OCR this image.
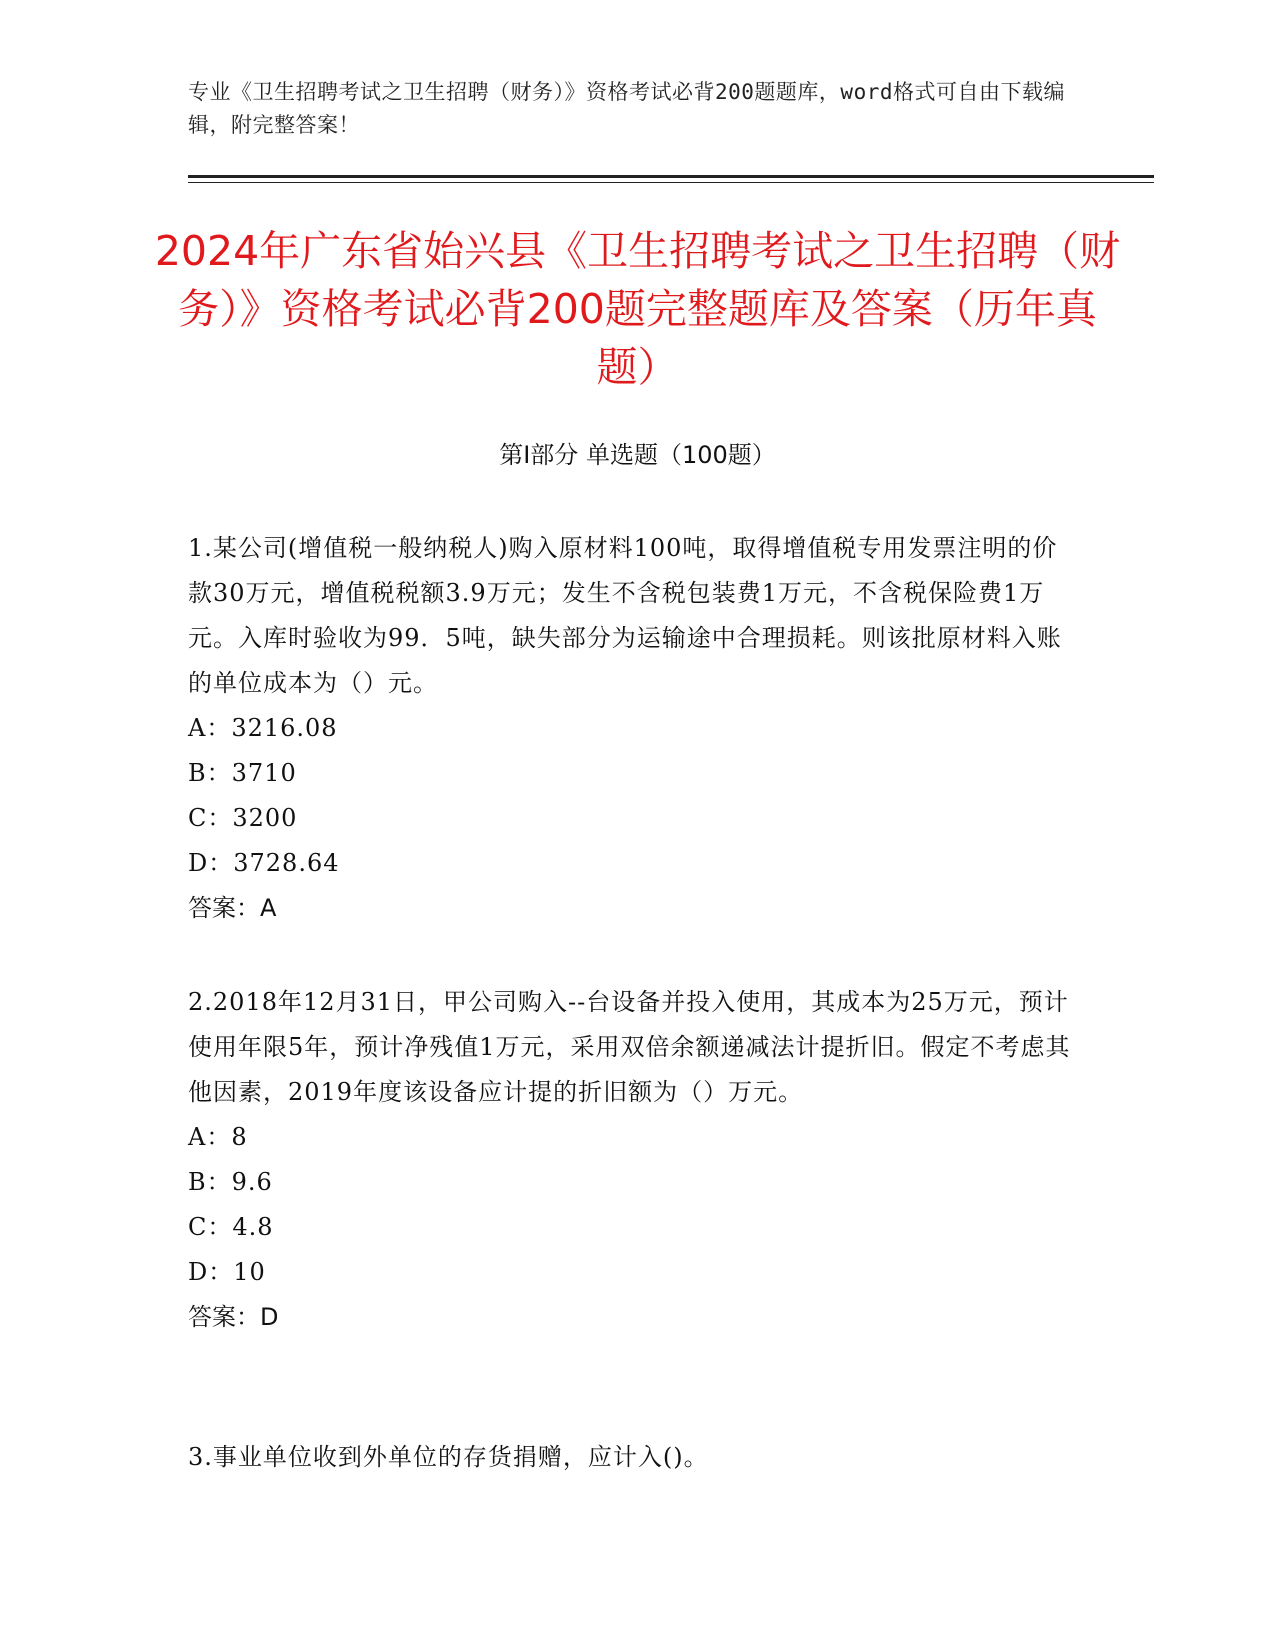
专业《卫生招聘考试之卫生招聘（财务）》资格考试必背200题题库，word格式可自由下载编辑，附完整答案！
2024年广东省始兴县《卫生招聘考试之卫生招聘（财务）》资格考试必背200题完整题库及答案（历年真题）
第I部分 单选题（100题）

1.某公司(增值税一般纳税人)购入原材料100吨，取得增值税专用发票注明的价款30万元，增值税税额3.9万元；发生不含税包装费1万元，不含税保险费1万元。入库时验收为99．5吨，缺失部分为运输途中合理损耗。则该批原材料入账的单位成本为（）元。

A：3216.08

B：3710

C：3200

D：3728.64

答案：A

2.2018年12月31日，甲公司购入--台设备并投入使用，其成本为25万元，预计使用年限5年，预计净残值1万元，采用双倍余额递减法计提折旧。假定不考虑其他因素，2019年度该设备应计提的折旧额为（）万元。

A：8

B：9.6

C：4.8

D：10

答案：D

3.事业单位收到外单位的存货捐赠，应计入()。
